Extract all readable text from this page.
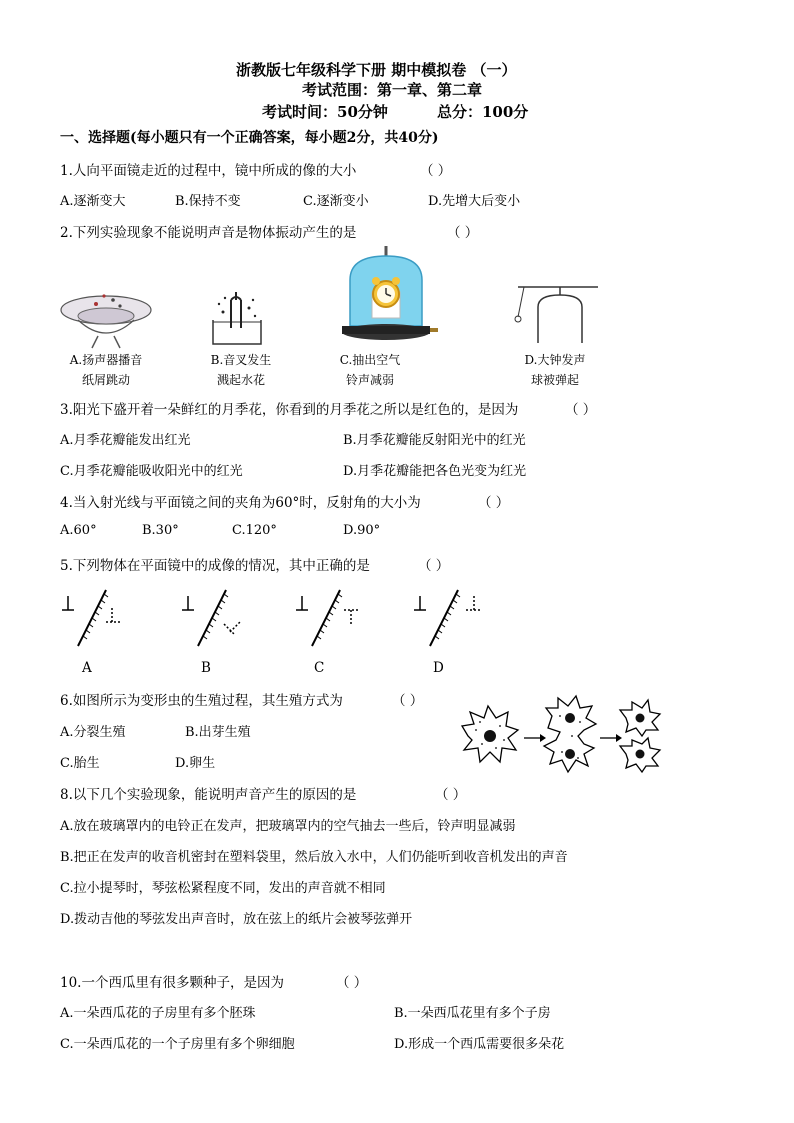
浙教版七年级科学下册 期中模拟卷 （一）
考试范围：第一章、第二章
考试时间：50分钟	总分：100分
一、选择题(每小题只有一个正确答案，每小题2分，共40分)
1.人向平面镜走近的过程中，镜中所成的像的大小	（ ）
A.逐渐变大	B.保持不变	C.逐渐变小	D.先增大后变小
2.下列实验现象不能说明声音是物体振动产生的是	（ ）
A.扬声器播音
纸屑跳动
B.音叉发生
溅起水花
C.抽出空气
铃声减弱
D.大钟发声
球被弹起
3.阳光下盛开着一朵鲜红的月季花，你看到的月季花之所以是红色的，是因为	（ ）
A.月季花瓣能发出红光	B.月季花瓣能反射阳光中的红光
C.月季花瓣能吸收阳光中的红光	D.月季花瓣能把各色光变为红光
4.当入射光线与平面镜之间的夹角为60°时，反射角的大小为	（ ）
A.60°	B.30°	C.120°	D.90°
5.下列物体在平面镜中的成像的情况，其中正确的是	（ ）
A	B	C	D
6.如图所示为变形虫的生殖过程，其生殖方式为	（ ）
A.分裂生殖	B.出芽生殖
C.胎生	D.卵生
8.以下几个实验现象，能说明声音产生的原因的是	（ ）
A.放在玻璃罩内的电铃正在发声，把玻璃罩内的空气抽去一些后，铃声明显减弱
B.把正在发声的收音机密封在塑料袋里，然后放入水中，人们仍能听到收音机发出的声音
C.拉小提琴时，琴弦松紧程度不同，发出的声音就不相同
D.拨动吉他的琴弦发出声音时，放在弦上的纸片会被琴弦弹开
10.一个西瓜里有很多颗种子，是因为	（ ）
A.一朵西瓜花的子房里有多个胚珠	B.一朵西瓜花里有多个子房
C.一朵西瓜花的一个子房里有多个卵细胞	D.形成一个西瓜需要很多朵花
